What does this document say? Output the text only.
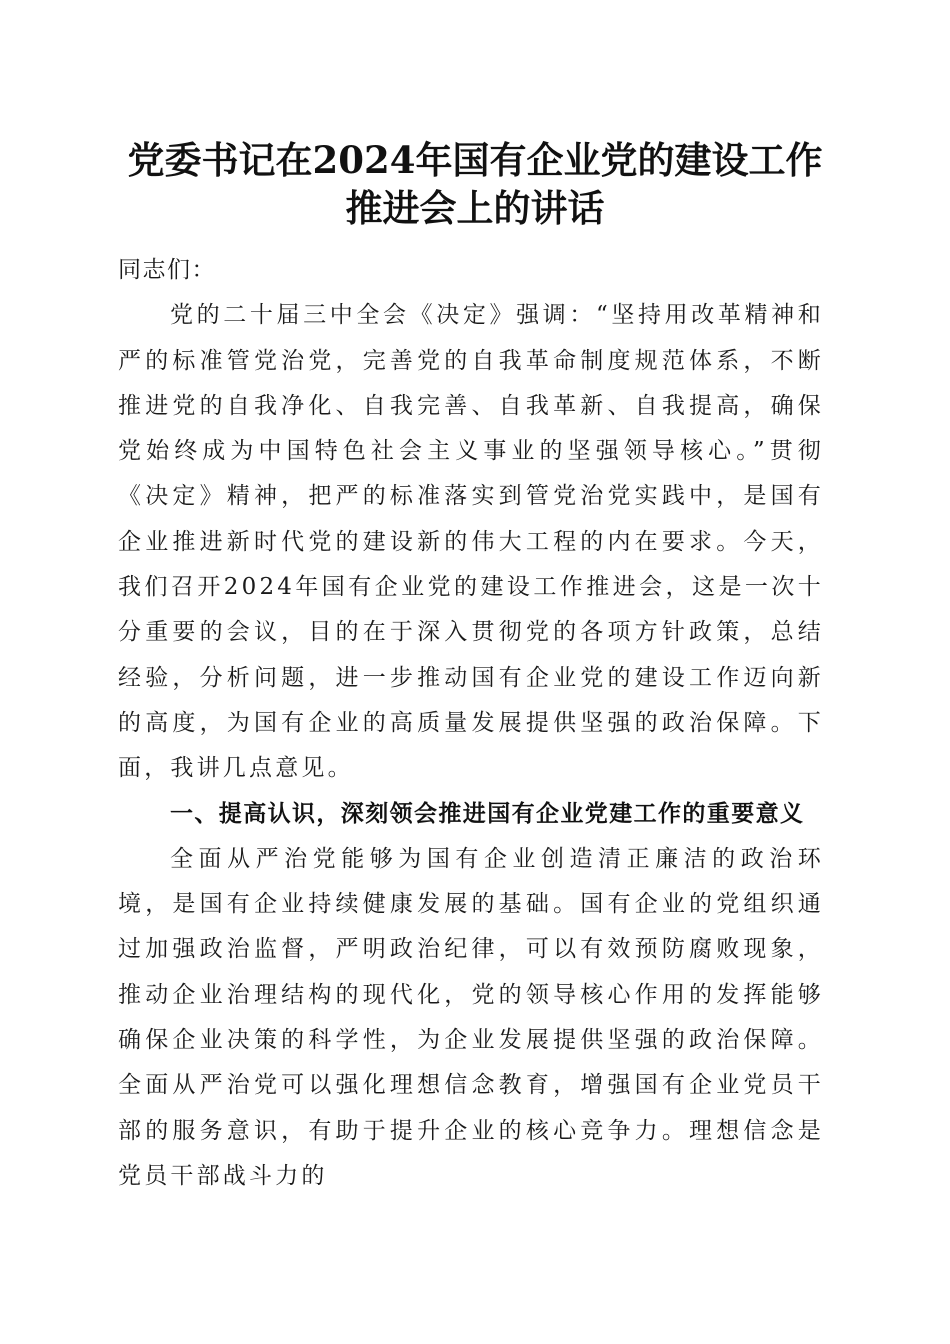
党委书记在2024年国有企业党的建设工作推进会上的讲话

同志们：

党的二十届三中全会《决定》强调：“坚持用改革精神和严的标准管党治党，完善党的自我革命制度规范体系，不断推进党的自我净化、自我完善、自我革新、自我提高，确保党始终成为中国特色社会主义事业的坚强领导核心。”贯彻《决定》精神，把严的标准落实到管党治党实践中，是国有企业推进新时代党的建设新的伟大工程的内在要求。今天，我们召开2024年国有企业党的建设工作推进会，这是一次十分重要的会议，目的在于深入贯彻党的各项方针政策，总结经验，分析问题，进一步推动国有企业党的建设工作迈向新的高度，为国有企业的高质量发展提供坚强的政治保障。下面，我讲几点意见。

一、提高认识，深刻领会推进国有企业党建工作的重要意义

全面从严治党能够为国有企业创造清正廉洁的政治环境，是国有企业持续健康发展的基础。国有企业的党组织通过加强政治监督，严明政治纪律，可以有效预防腐败现象，推动企业治理结构的现代化，党的领导核心作用的发挥能够确保企业决策的科学性，为企业发展提供坚强的政治保障。全面从严治党可以强化理想信念教育，增强国有企业党员干部的服务意识，有助于提升企业的核心竞争力。理想信念是党员干部战斗力的
